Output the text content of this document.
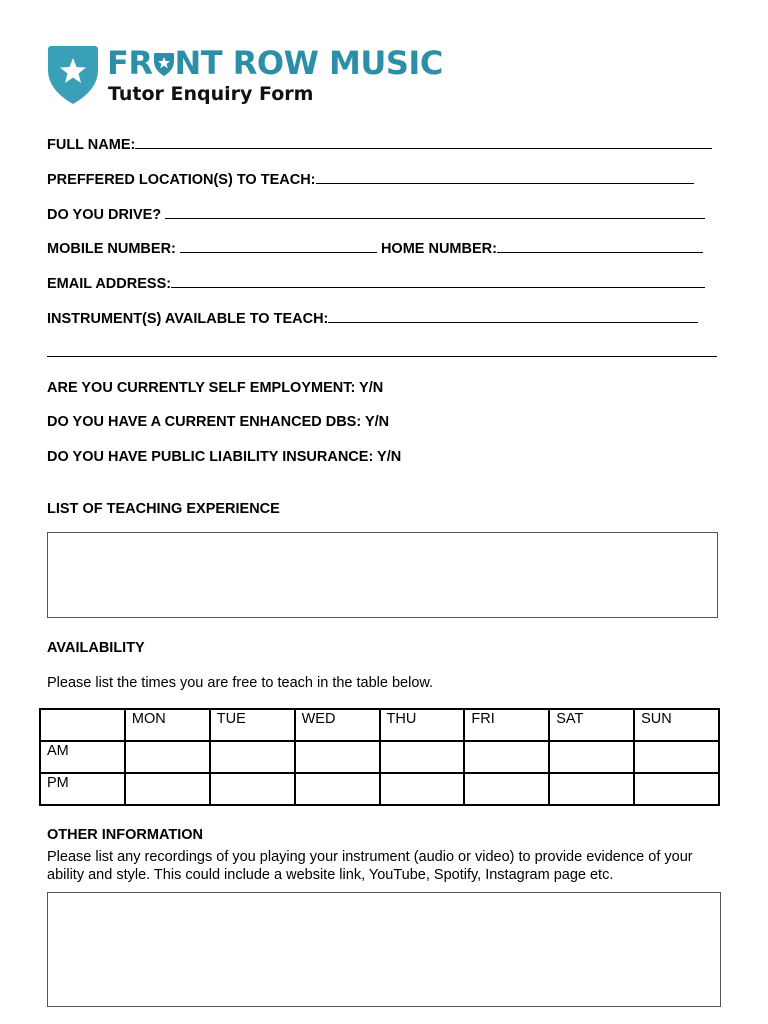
FR NT ROW MUSIC
Tutor Enquiry Form
FULL NAME:
PREFFERED LOCATION(S) TO TEACH:
DO YOU DRIVE?
MOBILE NUMBER:	HOME NUMBER:
EMAIL ADDRESS:
INSTRUMENT(S) AVAILABLE TO TEACH:
ARE YOU CURRENTLY SELF EMPLOYMENT: Y/N
DO YOU HAVE A CURRENT ENHANCED DBS: Y/N
DO YOU HAVE PUBLIC LIABILITY INSURANCE: Y/N
LIST OF TEACHING EXPERIENCE
AVAILABILITY
Please list the times you are free to teach in the table below.
	MON	TUE	WED	THU	FRI	SAT	SUN
AM							
PM							
OTHER INFORMATION
Please list any recordings of you playing your instrument (audio or video) to provide evidence of your ability and style. This could include a website link, YouTube, Spotify, Instagram page etc.
